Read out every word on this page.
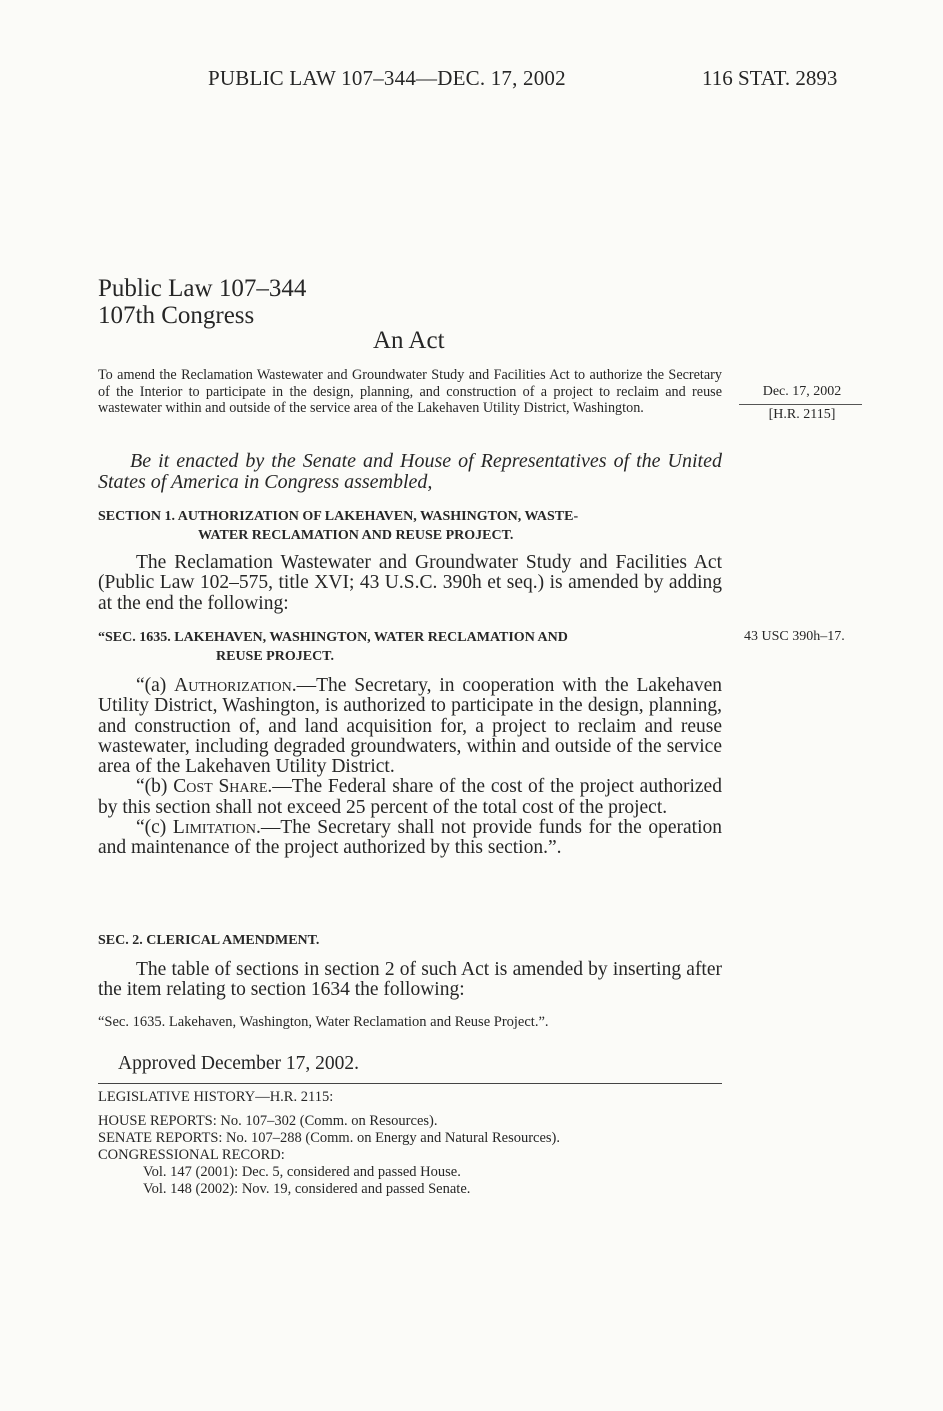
PUBLIC LAW 107–344—DEC. 17, 2002	116 STAT. 2893
Public Law 107–344
107th Congress
An Act
To amend the Reclamation Wastewater and Groundwater Study and Facilities Act to authorize the Secretary of the Interior to participate in the design, planning, and construction of a project to reclaim and reuse wastewater within and outside of the service area of the Lakehaven Utility District, Washington.
Dec. 17, 2002
[H.R. 2115]
Be it enacted by the Senate and House of Representatives of the United States of America in Congress assembled,
SECTION 1. AUTHORIZATION OF LAKEHAVEN, WASHINGTON, WASTE-
WATER RECLAMATION AND REUSE PROJECT.
The Reclamation Wastewater and Groundwater Study and Facilities Act (Public Law 102–575, title XVI; 43 U.S.C. 390h et seq.) is amended by adding at the end the following:
“SEC. 1635. LAKEHAVEN, WASHINGTON, WATER RECLAMATION AND
REUSE PROJECT.
43 USC 390h–17.

“(a) Authorization.—The Secretary, in cooperation with the Lakehaven Utility District, Washington, is authorized to participate in the design, planning, and construction of, and land acquisition for, a project to reclaim and reuse wastewater, including degraded groundwaters, within and outside of the service area of the Lakehaven Utility District.

“(b) Cost Share.—The Federal share of the cost of the project authorized by this section shall not exceed 25 percent of the total cost of the project.

“(c) Limitation.—The Secretary shall not provide funds for the operation and maintenance of the project authorized by this section.”.

SEC. 2. CLERICAL AMENDMENT.
The table of sections in section 2 of such Act is amended by inserting after the item relating to section 1634 the following:
“Sec. 1635. Lakehaven, Washington, Water Reclamation and Reuse Project.”.
Approved December 17, 2002.
LEGISLATIVE HISTORY—H.R. 2115:
HOUSE REPORTS: No. 107–302 (Comm. on Resources).
SENATE REPORTS: No. 107–288 (Comm. on Energy and Natural Resources).
CONGRESSIONAL RECORD:
Vol. 147 (2001): Dec. 5, considered and passed House.
Vol. 148 (2002): Nov. 19, considered and passed Senate.
